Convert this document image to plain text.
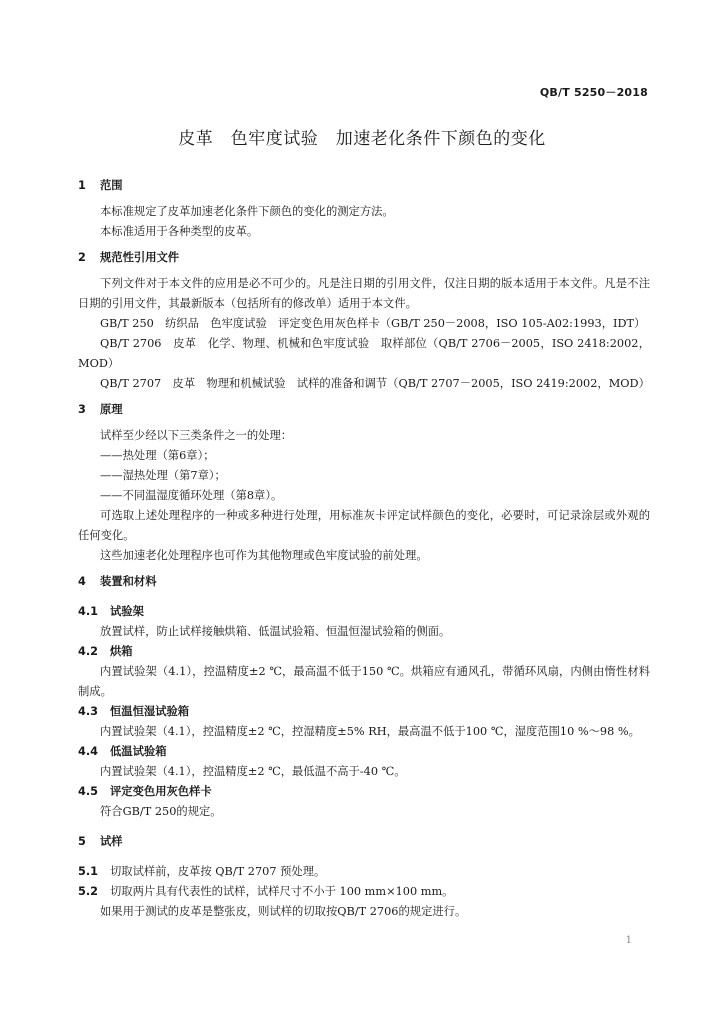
QB/T 5250－2018
皮革　色牢度试验　加速老化条件下颜色的变化
1 范围
本标准规定了皮革加速老化条件下颜色的变化的测定方法。
本标准适用于各种类型的皮革。
2 规范性引用文件
下列文件对于本文件的应用是必不可少的。凡是注日期的引用文件，仅注日期的版本适用于本文件。凡是不注日期的引用文件，其最新版本（包括所有的修改单）适用于本文件。
GB/T 250　纺织品　色牢度试验　评定变色用灰色样卡（GB/T 250－2008，ISO 105-A02:1993，IDT）
QB/T 2706　皮革　化学、物理、机械和色牢度试验　取样部位（QB/T 2706－2005，ISO 2418:2002，MOD）
QB/T 2707　皮革　物理和机械试验　试样的准备和调节（QB/T 2707－2005，ISO 2419:2002，MOD）
3 原理
试样至少经以下三类条件之一的处理：
——热处理（第6章）；
——湿热处理（第7章）；
——不同温湿度循环处理（第8章）。
可选取上述处理程序的一种或多种进行处理，用标准灰卡评定试样颜色的变化，必要时，可记录涂层或外观的任何变化。
这些加速老化处理程序也可作为其他物理或色牢度试验的前处理。
4 装置和材料
4.1 试验架
放置试样，防止试样接触烘箱、低温试验箱、恒温恒湿试验箱的侧面。
4.2 烘箱
内置试验架（4.1），控温精度±2 ℃，最高温不低于150 ℃。烘箱应有通风孔，带循环风扇，内侧由惰性材料制成。
4.3 恒温恒湿试验箱
内置试验架（4.1），控温精度±2 ℃，控湿精度±5% RH，最高温不低于100 ℃，湿度范围10 %～98 %。
4.4 低温试验箱
内置试验架（4.1），控温精度±2 ℃，最低温不高于-40 ℃。
4.5 评定变色用灰色样卡
符合GB/T 250的规定。
5 试样
5.1 切取试样前，皮革按 QB/T 2707 预处理。
5.2 切取两片具有代表性的试样，试样尺寸不小于 100 mm×100 mm。
如果用于测试的皮革是整张皮，则试样的切取按QB/T 2706的规定进行。
1
